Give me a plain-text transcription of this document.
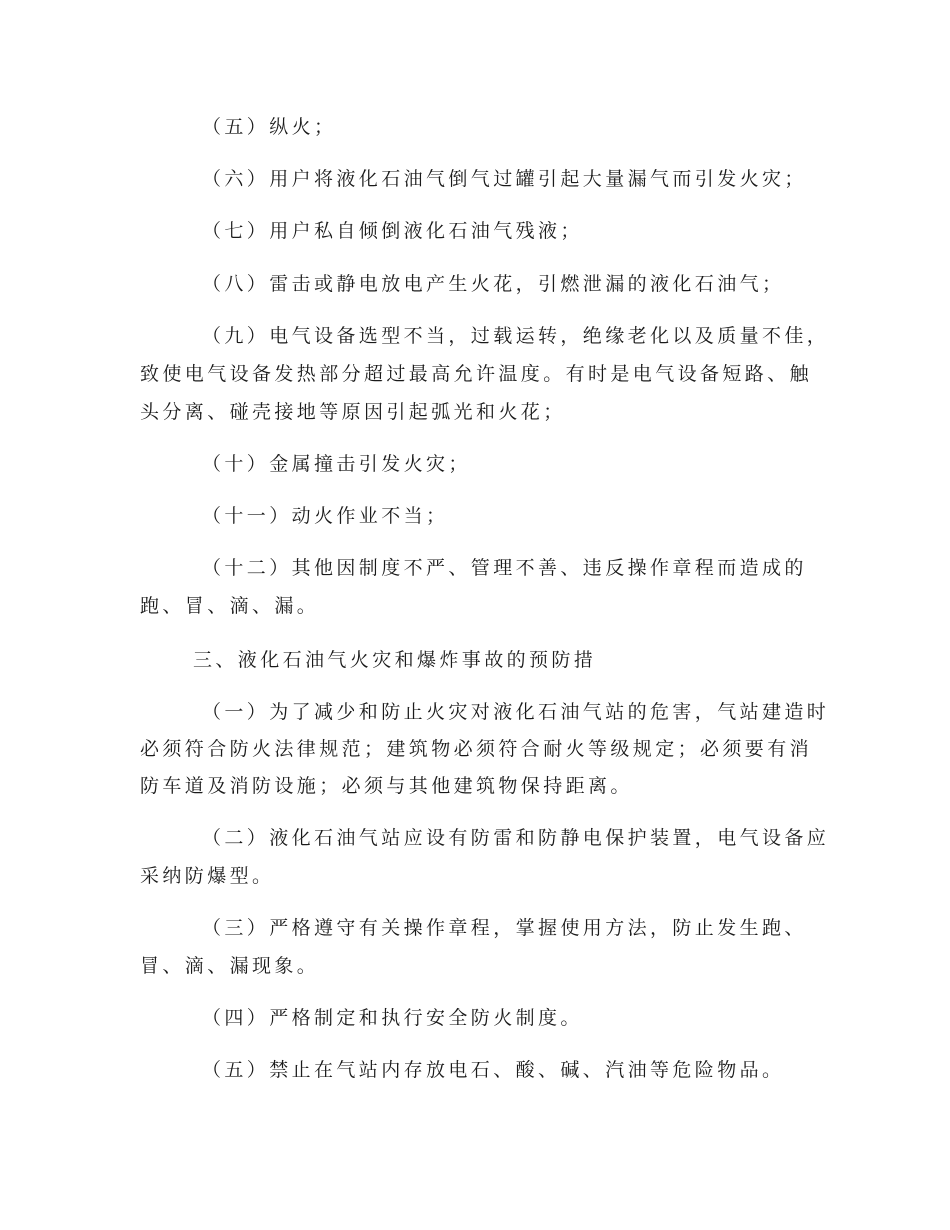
（五）纵火；
（六）用户将液化石油气倒气过罐引起大量漏气而引发火灾；
（七）用户私自倾倒液化石油气残液；
（八）雷击或静电放电产生火花，引燃泄漏的液化石油气；
（九）电气设备选型不当，过载运转，绝缘老化以及质量不佳，
致使电气设备发热部分超过最高允许温度。有时是电气设备短路、触
头分离、碰壳接地等原因引起弧光和火花；
（十）金属撞击引发火灾；
（十一）动火作业不当；
（十二）其他因制度不严、管理不善、违反操作章程而造成的
跑、冒、滴、漏。
三、液化石油气火灾和爆炸事故的预防措
（一）为了减少和防止火灾对液化石油气站的危害，气站建造时
必须符合防火法律规范；建筑物必须符合耐火等级规定；必须要有消
防车道及消防设施；必须与其他建筑物保持距离。
（二）液化石油气站应设有防雷和防静电保护装置，电气设备应
采纳防爆型。
（三）严格遵守有关操作章程，掌握使用方法，防止发生跑、
冒、滴、漏现象。
（四）严格制定和执行安全防火制度。
（五）禁止在气站内存放电石、酸、碱、汽油等危险物品。
